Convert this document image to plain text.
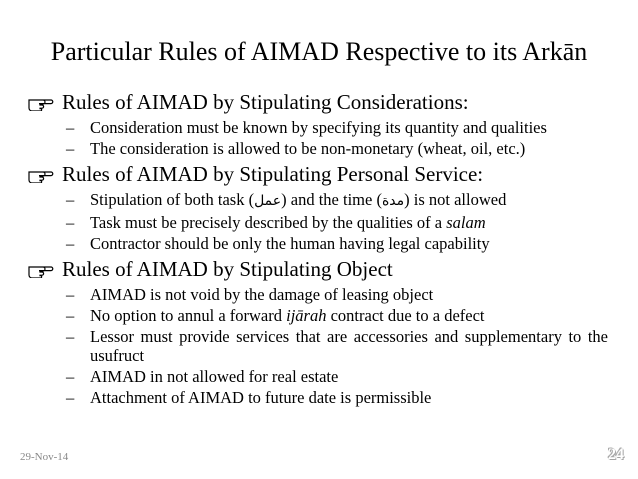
Particular Rules of AIMAD Respective to its Arkān
Rules of AIMAD by Stipulating Considerations:
– Consideration must be known by specifying its quantity and qualities
– The consideration is allowed to be non-monetary (wheat, oil, etc.)
Rules of AIMAD by Stipulating Personal Service:
– Stipulation of both task (عمل) and the time (مدة) is not allowed
– Task must be precisely described by the qualities of a salam
– Contractor should be only the human having legal capability
Rules of AIMAD by Stipulating Object
– AIMAD is not void by the damage of leasing object
– No option to annul a forward ijārah contract due to a defect
– Lessor must provide services that are accessories and supplementary to the usufruct
– AIMAD in not allowed for real estate
– Attachment of AIMAD to future date is permissible
29-Nov-14	24
